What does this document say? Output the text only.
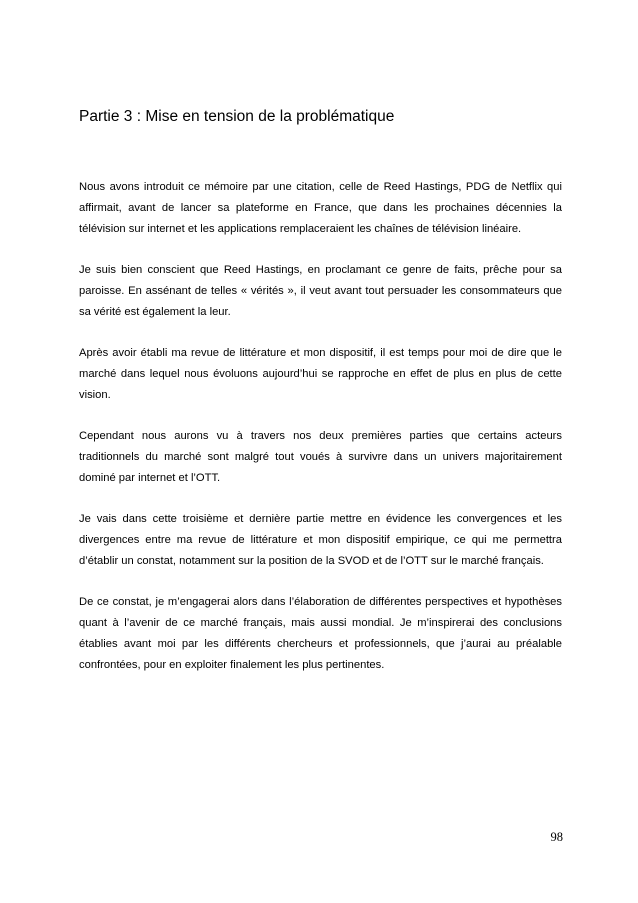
Partie 3 : Mise en tension de la problématique

Nous avons introduit ce mémoire par une citation, celle de Reed Hastings, PDG de Netflix qui affirmait, avant de lancer sa plateforme en France, que dans les prochaines décennies la télévision sur internet et les applications remplaceraient les chaînes de télévision linéaire.

Je suis bien conscient que Reed Hastings, en proclamant ce genre de faits, prêche pour sa paroisse. En assénant de telles « vérités », il veut avant tout persuader les consommateurs que sa vérité est également la leur.

Après avoir établi ma revue de littérature et mon dispositif, il est temps pour moi de dire que le marché dans lequel nous évoluons aujourd’hui se rapproche en effet de plus en plus de cette vision.

Cependant nous aurons vu à travers nos deux premières parties que certains acteurs traditionnels du marché sont malgré tout voués à survivre dans un univers majoritairement dominé par internet et l’OTT.

Je vais dans cette troisième et dernière partie mettre en évidence les convergences et les divergences entre ma revue de littérature et mon dispositif empirique, ce qui me permettra d’établir un constat, notamment sur la position de la SVOD et de l’OTT sur le marché français.

De ce constat, je m’engagerai alors dans l’élaboration de différentes perspectives et hypothèses quant à l’avenir de ce marché français, mais aussi mondial. Je m’inspirerai des conclusions établies avant moi par les différents chercheurs et professionnels, que j’aurai au préalable confrontées, pour en exploiter finalement les plus pertinentes.

98
